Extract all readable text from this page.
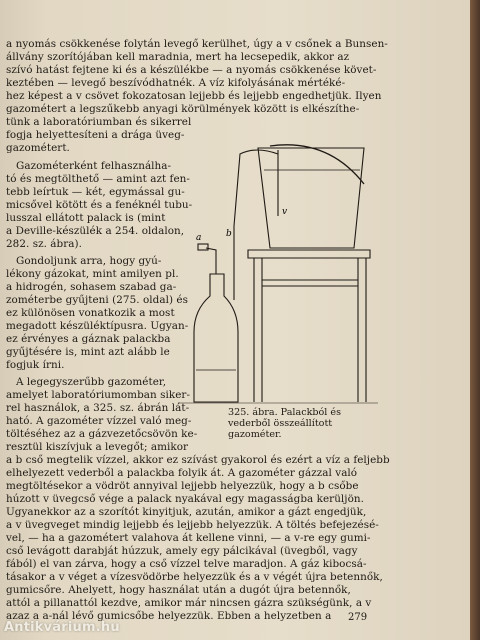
a nyomás csökkenése folytán levegő kerülhet, úgy a v csőnek a Bunsen-
állvány szorítójában kell maradnia, mert ha lecsepedik, akkor az
szívó hatást fejtene ki és a készülékbe — a nyomás csökkenése követ-
keztében — levegő beszívódhatnék. A víz kifolyásának mértéké-
hez képest a v csövet fokozatosan lejjebb és lejjebb engedhetjük. Ilyen
gazométert a legszűkebb anyagi körülmények között is elkészíthe-
tünk a laboratóriumban és sikerrel
fogja helyettesíteni a drága üveg-
gazométert.
Gazométerként felhasználha-
tó és megtölthető — amint azt fen-
tebb leírtuk — két, egymással gu-
micsővel kötött és a fenéknél tubu-
lusszal ellátott palack is (mint
a Deville-készülék a 254. oldalon,
282. sz. ábra).
Gondoljunk arra, hogy gyú-
lékony gázokat, mint amilyen pl.
a hidrogén, sohasem szabad ga-
zométerbe gyűjteni (275. oldal) és
ez különösen vonatkozik a most
megadott készüléktípusra. Ugyan-
ez érvényes a gáznak palackba
gyűjtésére is, mint azt alább le
fogjuk írni.
A legegyszerűbb gazométer,
amelyet laboratóriumomban siker-
rel használok, a 325. sz. ábrán lát-
ható. A gazométer vízzel való meg-
töltéséhez az a gázvezetőcsövön ke-
resztül kiszívjuk a levegőt; amikor
a b cső megtelik vízzel, akkor ez szívást gyakorol és ezért a víz a feljebb
elhelyezett vederből a palackba folyik át. A gazométer gázzal való
megtöltésekor a vödröt annyival lejjebb helyezzük, hogy a b csőbe
húzott v üvegcső vége a palack nyakával egy magasságba kerüljön.
Ugyanekkor az a szorítót kinyitjuk, azután, amikor a gázt engedjük,
a v üvegveget mindig lejjebb és lejjebb helyezzük. A töltés befejezésé-
vel, — ha a gazométert valahova át kellene vinni, — a v-re egy gumi-
cső levágott darabját húzzuk, amely egy pálcikával (üvegből, vagy
fából) el van zárva, hogy a cső vízzel telve maradjon. A gáz kibocsá-
tásakor a v véget a vízesvödörbe helyezzük és a v végét újra betennők,
gumicsőre. Ahelyett, hogy használat után a dugót újra betennők,
attól a pillanattól kezdve, amikor már nincsen gázra szükségünk, a v
azaz a a-nál lévő gumicsőbe helyezzük. Ebben a helyzetben a
a	b
v
325. ábra. Palackból és vederből összeállított gazométer.
279
Antikvárium.hu
